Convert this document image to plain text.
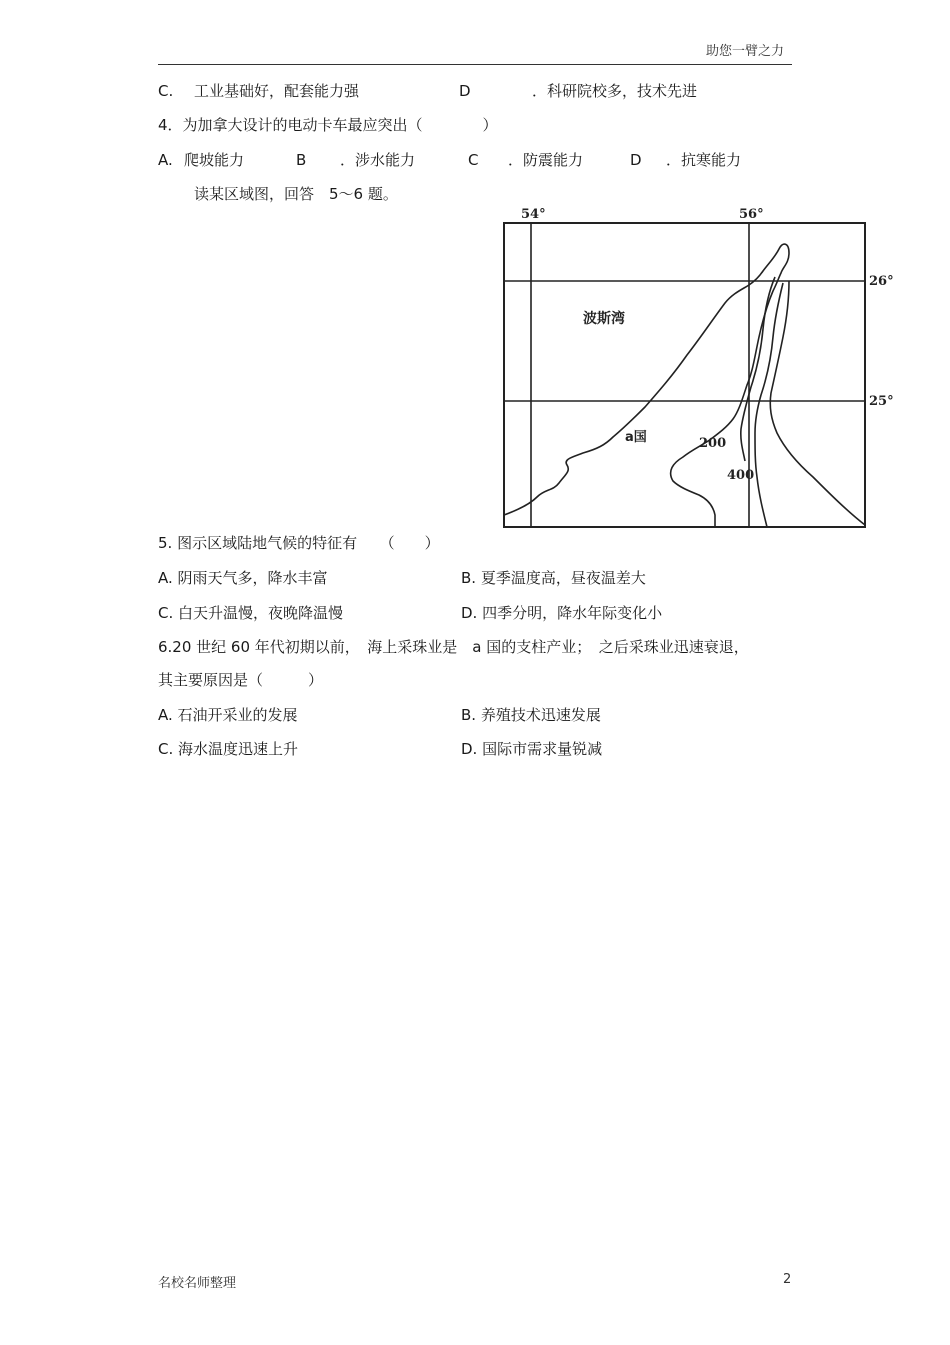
助您一臂之力
C. 工业基础好，配套能力强	D	．科研院校多，技术先进
4．为加拿大设计的电动卡车最应突出（　　　　）
A. 爬坡能力	B ．涉水能力	C ．防震能力	D ．抗寒能力
读某区域图，回答　5～6 题。
54°	56°
26°
25°
波斯湾
a国	200
400
5. 图示区域陆地气候的特征有　　（　　）
A. 阴雨天气多，降水丰富	B. 夏季温度高，昼夜温差大
C. 白天升温慢，夜晚降温慢	D. 四季分明，降水年际变化小
6.20 世纪 60 年代初期以前，　海上采珠业是　a 国的支柱产业；　之后采珠业迅速衰退，
其主要原因是（　　　）
A. 石油开采业的发展	B. 养殖技术迅速发展
C. 海水温度迅速上升	D. 国际市需求量锐减
名校名师整理	2
